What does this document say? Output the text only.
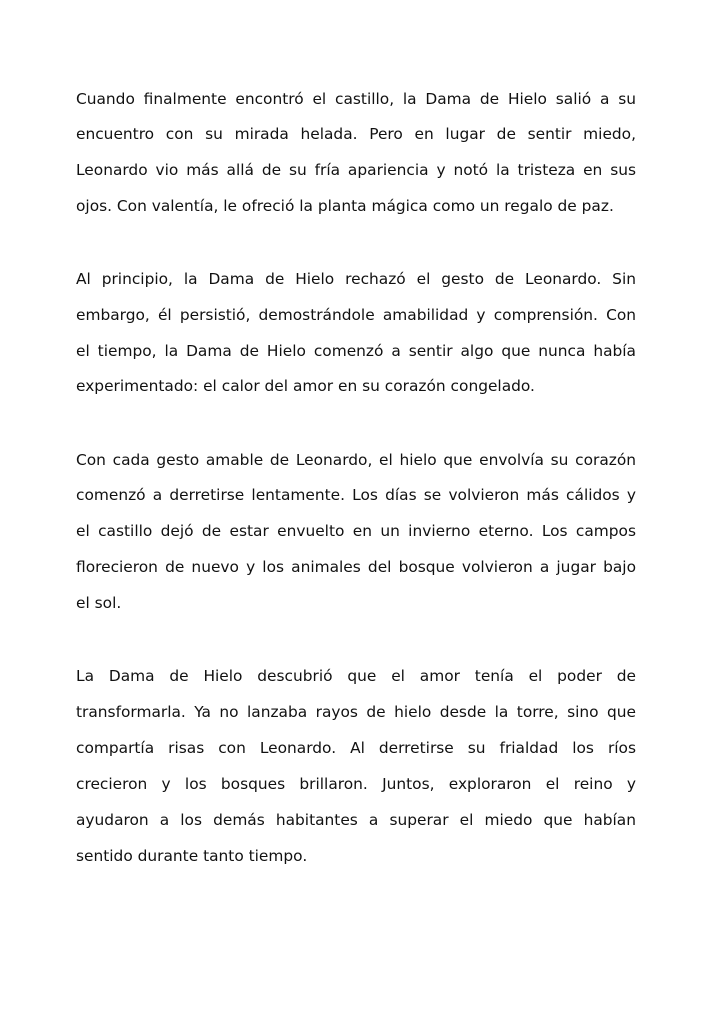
Cuando finalmente encontró el castillo, la Dama de Hielo salió a su
encuentro con su mirada helada. Pero en lugar de sentir miedo,
Leonardo vio más allá de su fría apariencia y notó la tristeza en sus
ojos. Con valentía, le ofreció la planta mágica como un regalo de paz.
Al principio, la Dama de Hielo rechazó el gesto de Leonardo. Sin
embargo, él persistió, demostrándole amabilidad y comprensión. Con
el tiempo, la Dama de Hielo comenzó a sentir algo que nunca había
experimentado: el calor del amor en su corazón congelado.
Con cada gesto amable de Leonardo, el hielo que envolvía su corazón
comenzó a derretirse lentamente. Los días se volvieron más cálidos y
el castillo dejó de estar envuelto en un invierno eterno. Los campos
florecieron de nuevo y los animales del bosque volvieron a jugar bajo
el sol.
La Dama de Hielo descubrió que el amor tenía el poder de
transformarla. Ya no lanzaba rayos de hielo desde la torre, sino que
compartía risas con Leonardo. Al derretirse su frialdad los ríos
crecieron y los bosques brillaron. Juntos, exploraron el reino y
ayudaron a los demás habitantes a superar el miedo que habían
sentido durante tanto tiempo.
